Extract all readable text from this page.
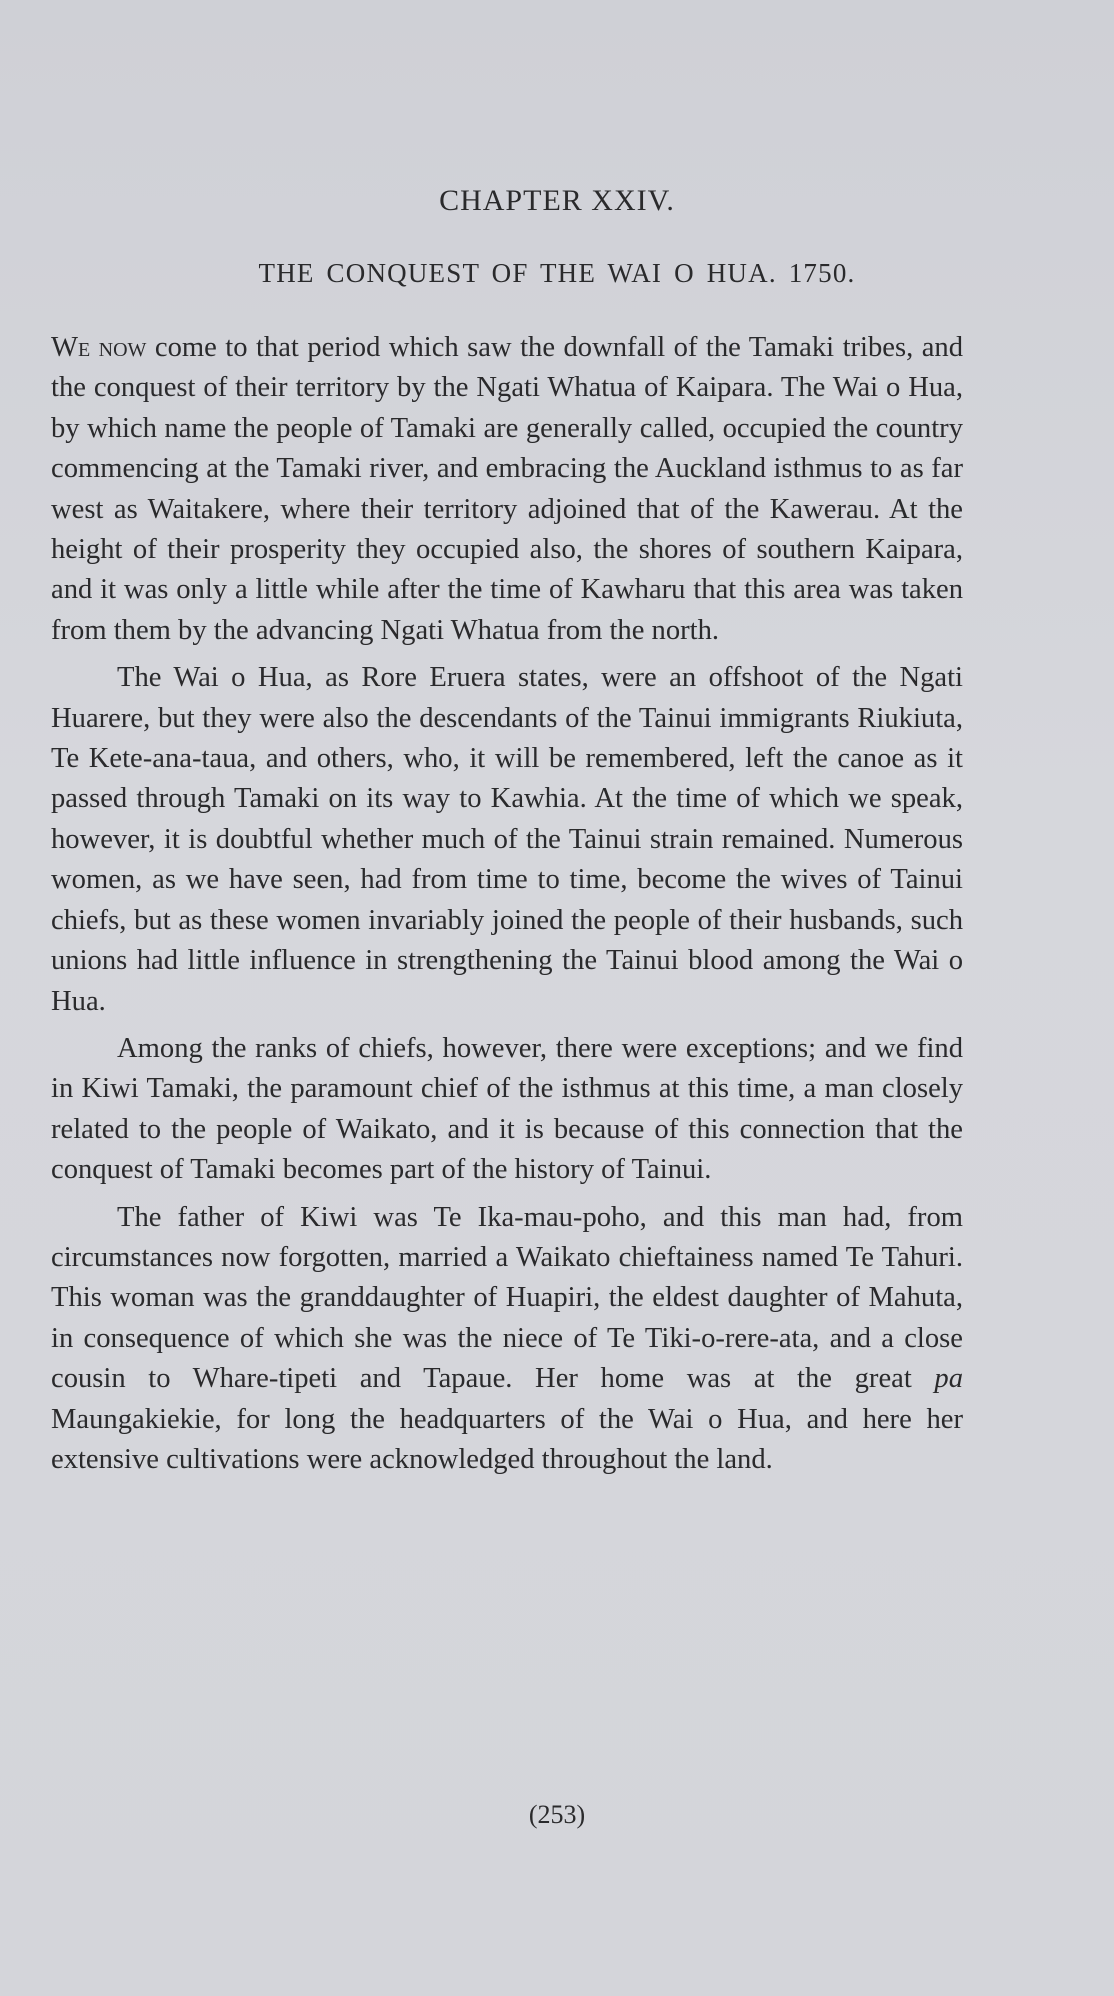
CHAPTER XXIV.
THE CONQUEST OF THE WAI O HUA. 1750.

We now come to that period which saw the downfall of the Tamaki tribes, and the conquest of their territory by the Ngati Whatua of Kaipara. The Wai o Hua, by which name the people of Tamaki are generally called, occupied the country commencing at the Tamaki river, and embracing the Auckland isthmus to as far west as Waitakere, where their territory adjoined that of the Kawerau. At the height of their prosperity they occupied also, the shores of southern Kaipara, and it was only a little while after the time of Kawharu that this area was taken from them by the advancing Ngati Whatua from the north.

The Wai o Hua, as Rore Eruera states, were an offshoot of the Ngati Huarere, but they were also the descendants of the Tainui immigrants Riukiuta, Te Kete-ana-taua, and others, who, it will be remembered, left the canoe as it passed through Tamaki on its way to Kawhia. At the time of which we speak, however, it is doubtful whether much of the Tainui strain remained. Numerous women, as we have seen, had from time to time, become the wives of Tainui chiefs, but as these women invariably joined the people of their husbands, such unions had little influence in strengthening the Tainui blood among the Wai o Hua.

Among the ranks of chiefs, however, there were exceptions; and we find in Kiwi Tamaki, the paramount chief of the isthmus at this time, a man closely related to the people of Waikato, and it is because of this connection that the conquest of Tamaki becomes part of the history of Tainui.

The father of Kiwi was Te Ika-mau-poho, and this man had, from circumstances now forgotten, married a Waikato chieftainess named Te Tahuri. This woman was the granddaughter of Huapiri, the eldest daughter of Mahuta, in consequence of which she was the niece of Te Tiki-o-rere-ata, and a close cousin to Whare-tipeti and Tapaue. Her home was at the great pa Maungakiekie, for long the headquarters of the Wai o Hua, and here her extensive cultivations were acknowledged throughout the land.

(253)
